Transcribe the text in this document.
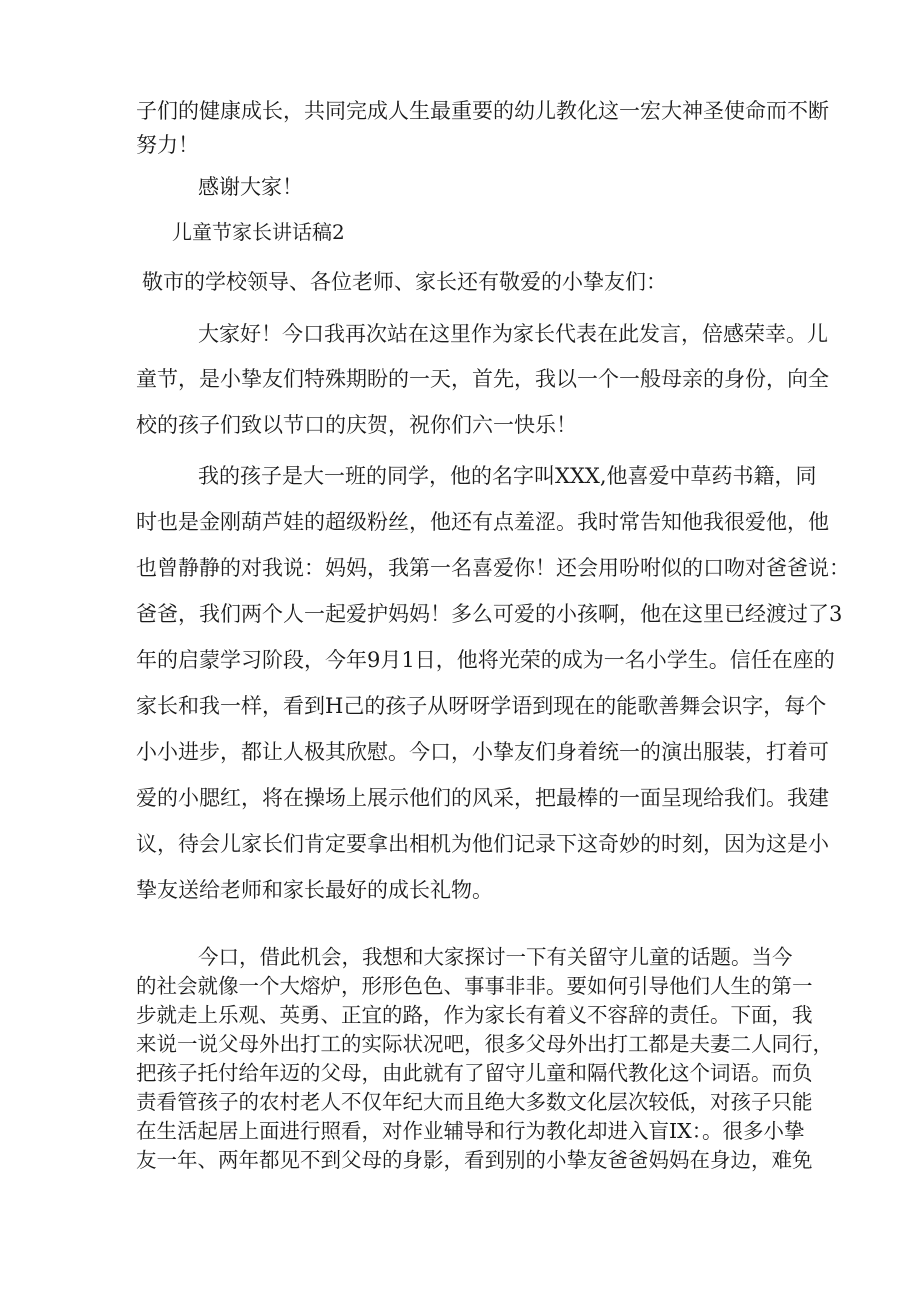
子们的健康成长，共同完成人生最重要的幼儿教化这一宏大神圣使命而不断

努力！

感谢大家！

儿童节家长讲话稿2

敬市的学校领导、各位老师、家长还有敬爱的小挚友们：

大家好！今口我再次站在这里作为家长代表在此发言，倍感荣幸。儿

童节，是小挚友们特殊期盼的一天，首先，我以一个一般母亲的身份，向全

校的孩子们致以节口的庆贺，祝你们六一快乐！

我的孩子是大一班的同学，他的名字叫XXX,他喜爱中草药书籍，同

时也是金刚葫芦娃的超级粉丝，他还有点羞涩。我时常告知他我很爱他，他

也曾静静的对我说：妈妈，我第一名喜爱你！还会用吩咐似的口吻对爸爸说：

爸爸，我们两个人一起爱护妈妈！多么可爱的小孩啊，他在这里已经渡过了3

年的启蒙学习阶段，今年9月1日，他将光荣的成为一名小学生。信任在座的

家长和我一样，看到H己的孩子从呀呀学语到现在的能歌善舞会识字，每个

小小进步，都让人极其欣慰。今口，小挚友们身着统一的演出服装，打着可

爱的小腮红，将在操场上展示他们的风采，把最棒的一面呈现给我们。我建

议，待会儿家长们肯定要拿出相机为他们记录下这奇妙的时刻，因为这是小

挚友送给老师和家长最好的成长礼物。

今口，借此机会，我想和大家探讨一下有关留守儿童的话题。当今

的社会就像一个大熔炉，形形色色、事事非非。要如何引导他们人生的第一

步就走上乐观、英勇、正宜的路，作为家长有着义不容辞的责任。下面，我

来说一说父母外出打工的实际状况吧，很多父母外出打工都是夫妻二人同行，

把孩子托付给年迈的父母，由此就有了留守儿童和隔代教化这个词语。而负

责看管孩子的农村老人不仅年纪大而且绝大多数文化层次较低，对孩子只能

在生活起居上面进行照看，对作业辅导和行为教化却进入盲IX：。很多小挚

友一年、两年都见不到父母的身影，看到别的小挚友爸爸妈妈在身边，难免
